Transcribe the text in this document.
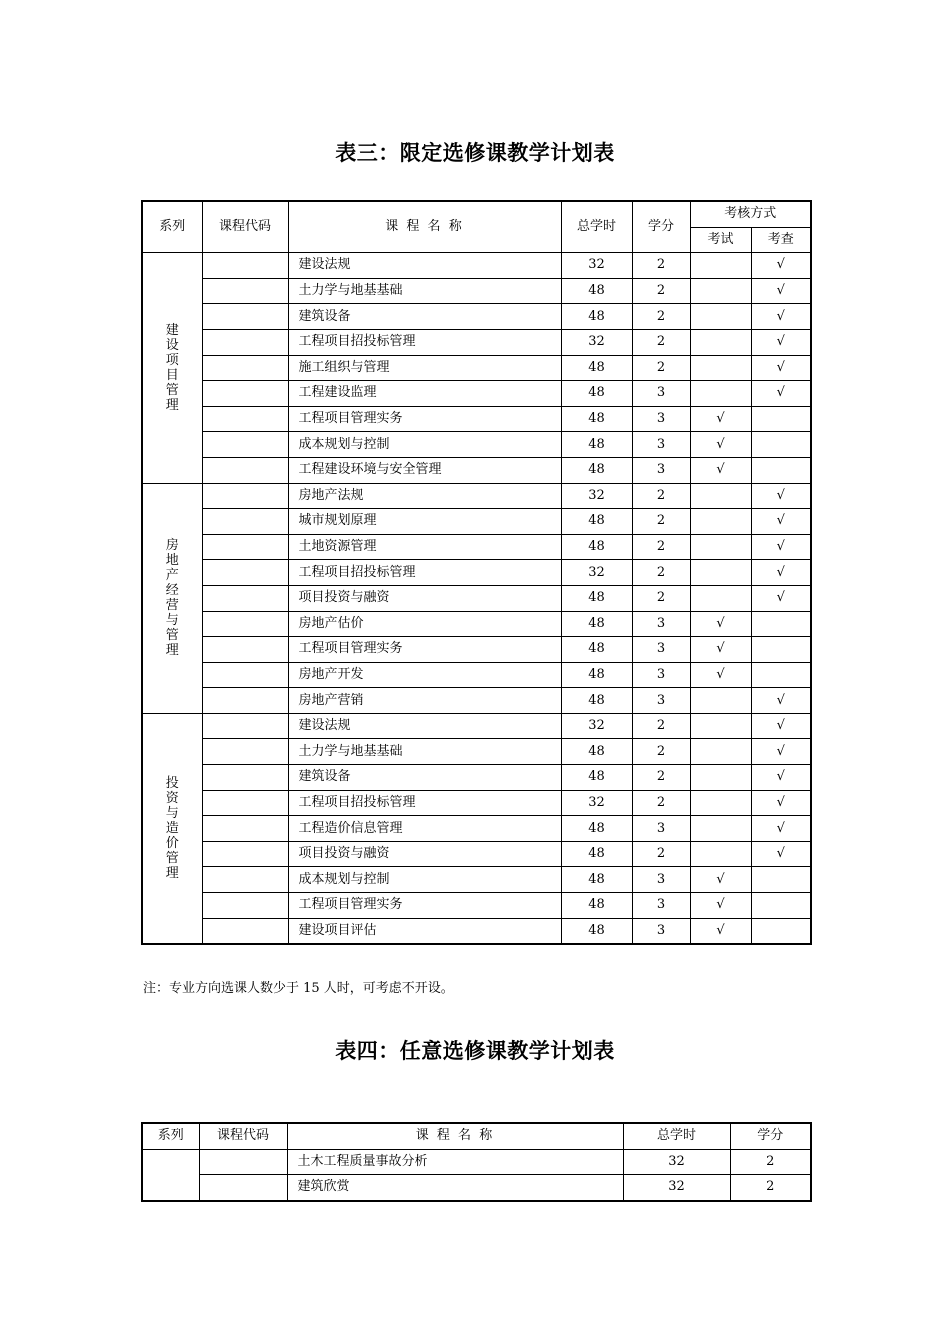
表三：限定选修课教学计划表
系列	课程代码	课 程 名 称	总学时	学分	考核方式	
					考试	考查
建设项目管理		建设法规	32	2		√
		土力学与地基基础	48	2		√
		建筑设备	48	2		√
		工程项目招投标管理	32	2		√
		施工组织与管理	48	2		√
		工程建设监理	48	3		√
		工程项目管理实务	48	3	√	
		成本规划与控制	48	3	√	
		工程建设环境与安全管理	48	3	√	
房地产经营与管理		房地产法规	32	2		√
		城市规划原理	48	2		√
		土地资源管理	48	2		√
		工程项目招投标管理	32	2		√
		项目投资与融资	48	2		√
		房地产估价	48	3	√	
		工程项目管理实务	48	3	√	
		房地产开发	48	3	√	
		房地产营销	48	3		√
投资与造价管理		建设法规	32	2		√
		土力学与地基基础	48	2		√
		建筑设备	48	2		√
		工程项目招投标管理	32	2		√
		工程造价信息管理	48	3		√
		项目投资与融资	48	2		√
		成本规划与控制	48	3	√	
		工程项目管理实务	48	3	√	
		建设项目评估	48	3	√	
注：专业方向选课人数少于 15 人时，可考虑不开设。
表四：任意选修课教学计划表
系列	课程代码	课 程 名 称	总学时	学分
		土木工程质量事故分析	32	2
		建筑欣赏	32	2
